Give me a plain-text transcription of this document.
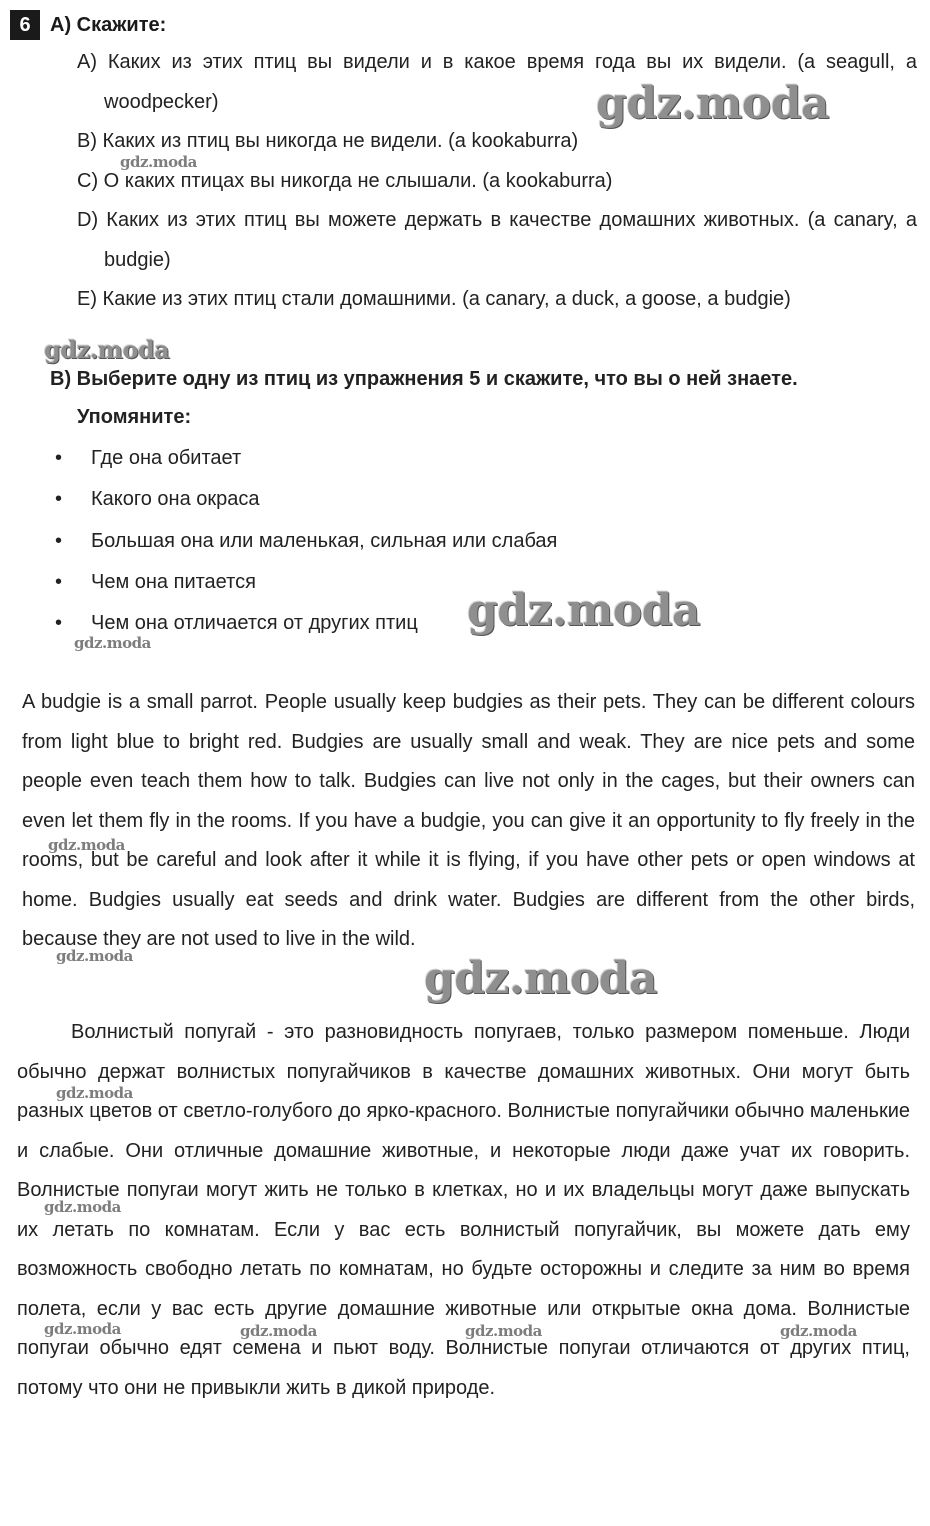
6 A) Скажите:
A) Каких из этих птиц вы видели и в какое время года вы их видели. (a seagull, a woodpecker)
B) Каких из птиц вы никогда не видели. (a kookaburra)
C) О каких птицах вы никогда не слышали. (a kookaburra)
D) Каких из этих птиц вы можете держать в качестве домашних животных. (a canary, a budgie)
E) Какие из этих птиц стали домашними. (a canary, a duck, a goose, a budgie)
B) Выберите одну из птиц из упражнения 5 и скажите, что вы о ней знаете.
Упомяните:
•
Где она обитает
•
Какого она окраса
•
Большая она или маленькая, сильная или слабая
•
Чем она питается
•
Чем она отличается от других птиц

A budgie is a small parrot. People usually keep budgies as their pets. They can be different colours from light blue to bright red. Budgies are usually small and weak. They are nice pets and some people even teach them how to talk. Budgies can live not only in the cages, but their owners can even let them fly in the rooms. If you have a budgie, you can give it an opportunity to fly freely in the rooms, but be careful and look after it while it is flying, if you have other pets or open windows at home. Budgies usually eat seeds and drink water. Budgies are different from the other birds, because they are not used to live in the wild.

Волнистый попугай - это разновидность попугаев, только размером поменьше. Люди обычно держат волнистых попугайчиков в качестве домашних животных. Они могут быть разных цветов от светло-голубого до ярко-красного. Волнистые попугайчики обычно маленькие и слабые. Они отличные домашние животные, и некоторые люди даже учат их говорить. Волнистые попугаи могут жить не только в клетках, но и их владельцы могут даже выпускать их летать по комнатам. Если у вас есть волнистый попугайчик, вы можете дать ему возможность свободно летать по комнатам, но будьте осторожны и следите за ним во время полета, если у вас есть другие домашние животные или открытые окна дома. Волнистые попугаи обычно едят семена и пьют воду. Волнистые попугаи отличаются от других птиц, потому что они не привыкли жить в дикой природе.

gdz.moda
gdz.moda
gdz.moda
gdz.moda
gdz.moda
gdz.moda
gdz.moda	gdz.moda
gdz.moda
gdz.moda
gdz.moda	gdz.moda	gdz.moda	gdz.moda
